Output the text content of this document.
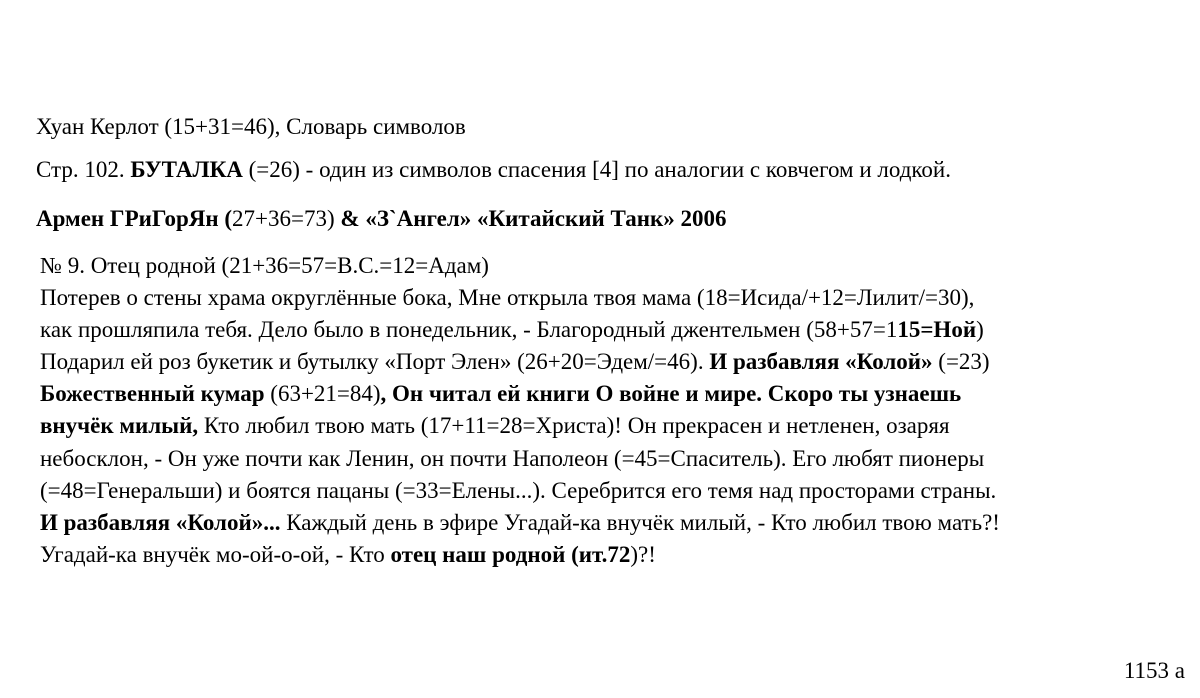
Хуан Керлот (15+31=46), Словарь символов
Стр. 102. БУТАЛКА (=26) - один из символов спасения [4] по аналогии с ковчегом и лодкой.
Армен ГРиГорЯн (27+36=73) & «З`Ангел» «Китайский Танк» 2006
№ 9. Отец родной (21+36=57=В.С.=12=Адам)
Потерев о стены храма округлённые бока, Мне открыла твоя мама (18=Исида/+12=Лилит/=30),
как прошляпила тебя. Дело было в понедельник, - Благородный джентельмен (58+57=115=Ной)
Подарил ей роз букетик и бутылку «Порт Элен» (26+20=Эдем/=46). И разбавляя «Колой» (=23)
Божественный кумар (63+21=84), Он читал ей книги О войне и мире. Скоро ты узнаешь
внучёк милый, Кто любил твою мать (17+11=28=Христа)! Он прекрасен и нетленен, озаряя
небосклон, - Он уже почти как Ленин, он почти Наполеон (=45=Спаситель). Его любят пионеры
(=48=Генеральши) и боятся пацаны (=33=Елены...). Серебрится его темя над просторами страны.
И разбавляя «Колой»... Каждый день в эфире Угадай-ка внучёк милый, - Кто любил твою мать?!
Угадай-ка внучёк мо-ой-о-ой, - Кто отец наш родной (ит.72)?!
1153 а
